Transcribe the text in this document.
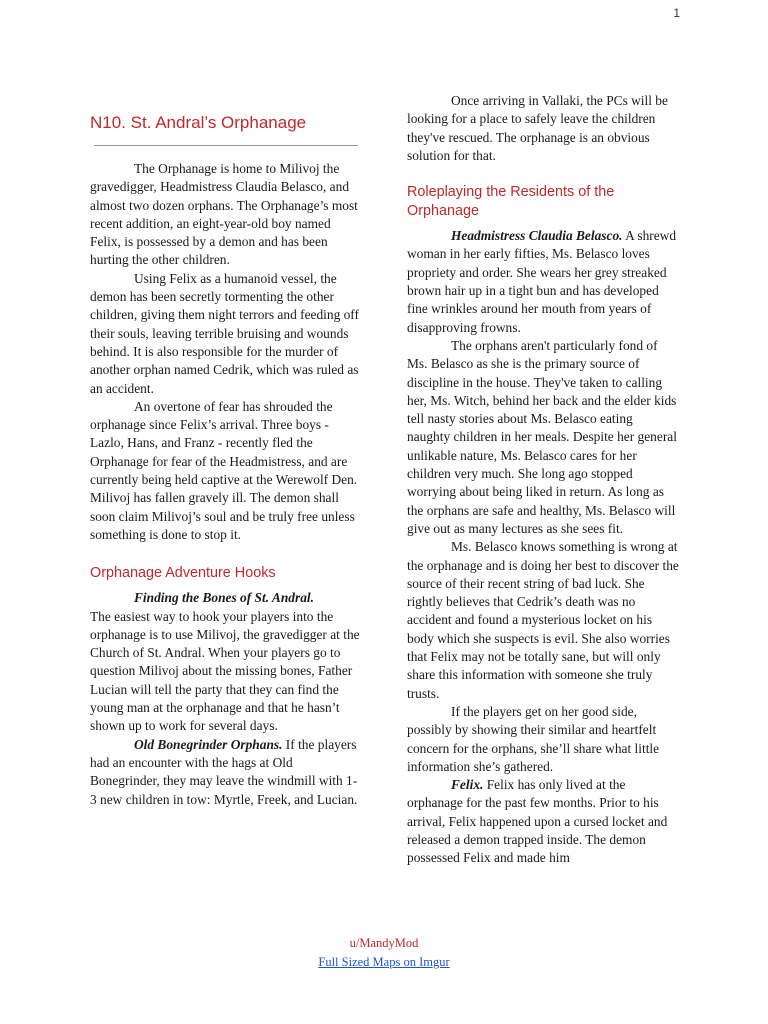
1
N10. St. Andral’s Orphanage

The Orphanage is home to Milivoj the gravedigger, Headmistress Claudia Belasco, and almost two dozen orphans. The Orphanage’s most recent addition, an eight-year-old boy named Felix, is possessed by a demon and has been hurting the other children.

Using Felix as a humanoid vessel, the demon has been secretly tormenting the other children, giving them night terrors and feeding off their souls, leaving terrible bruising and wounds behind. It is also responsible for the murder of another orphan named Cedrik, which was ruled as an accident.

An overtone of fear has shrouded the orphanage since Felix’s arrival. Three boys - Lazlo, Hans, and Franz - recently fled the Orphanage for fear of the Headmistress, and are currently being held captive at the Werewolf Den. Milivoj has fallen gravely ill. The demon shall soon claim Milivoj’s soul and be truly free unless something is done to stop it.

Orphanage Adventure Hooks

Finding the Bones of St. Andral.

The easiest way to hook your players into the orphanage is to use Milivoj, the gravedigger at the Church of St. Andral. When your players go to question Milivoj about the missing bones, Father Lucian will tell the party that they can find the young man at the orphanage and that he hasn’t shown up to work for several days.

Old Bonegrinder Orphans. If the players had an encounter with the hags at Old Bonegrinder, they may leave the windmill with 1-3 new children in tow: Myrtle, Freek, and Lucian.

Once arriving in Vallaki, the PCs will be looking for a place to safely leave the children they've rescued. The orphanage is an obvious solution for that.

Roleplaying the Residents of the Orphanage

Headmistress Claudia Belasco. A shrewd woman in her early fifties, Ms. Belasco loves propriety and order. She wears her grey streaked brown hair up in a tight bun and has developed fine wrinkles around her mouth from years of disapproving frowns.

The orphans aren't particularly fond of Ms. Belasco as she is the primary source of discipline in the house. They've taken to calling her, Ms. Witch, behind her back and the elder kids tell nasty stories about Ms. Belasco eating naughty children in her meals. Despite her general unlikable nature, Ms. Belasco cares for her children very much. She long ago stopped worrying about being liked in return. As long as the orphans are safe and healthy, Ms. Belasco will give out as many lectures as she sees fit.

Ms. Belasco knows something is wrong at the orphanage and is doing her best to discover the source of their recent string of bad luck. She rightly believes that Cedrik’s death was no accident and found a mysterious locket on his body which she suspects is evil. She also worries that Felix may not be totally sane, but will only share this information with someone she truly trusts.

If the players get on her good side, possibly by showing their similar and heartfelt concern for the orphans, she’ll share what little information she’s gathered.

Felix. Felix has only lived at the orphanage for the past few months. Prior to his arrival, Felix happened upon a cursed locket and released a demon trapped inside. The demon possessed Felix and made him

u/MandyMod
Full Sized Maps on Imgur
